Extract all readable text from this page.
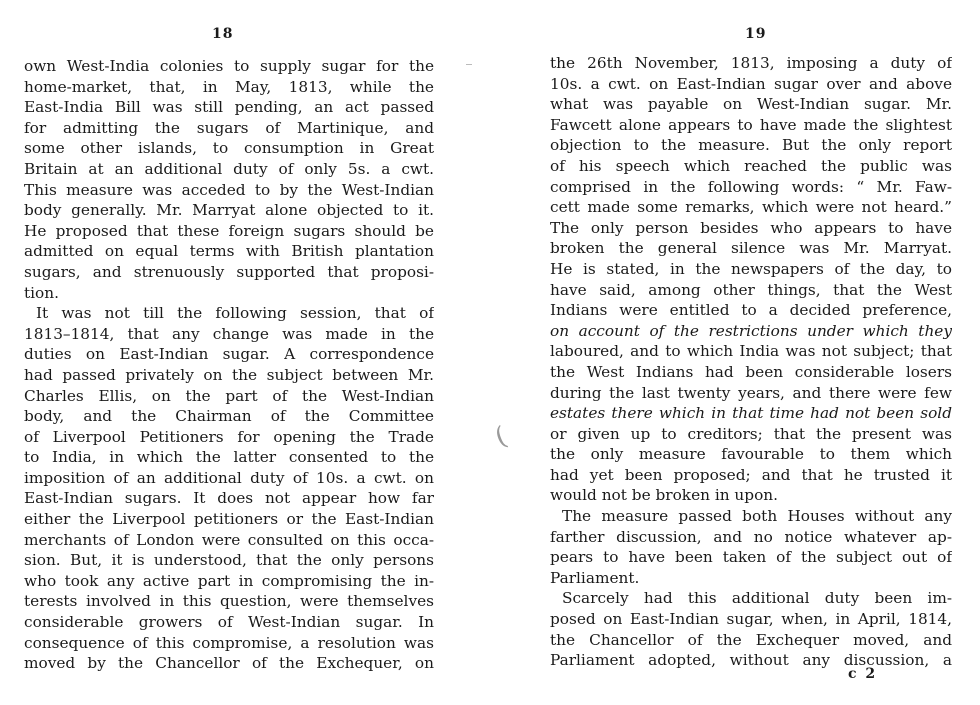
18
own West-India colonies to supply sugar for the
home-market, that, in May, 1813, while the
East-India Bill was still pending, an act passed
for admitting the sugars of Martinique, and
some other islands, to consumption in Great
Britain at an additional duty of only 5s. a cwt.
This measure was acceded to by the West-Indian
body generally. Mr. Marryat alone objected to it.
He proposed that these foreign sugars should be
admitted on equal terms with British plantation
sugars, and strenuously supported that proposi-
tion.
It was not till the following session, that of
1813–1814, that any change was made in the
duties on East-Indian sugar. A correspondence
had passed privately on the subject between Mr.
Charles Ellis, on the part of the West-Indian
body, and the Chairman of the Committee
of Liverpool Petitioners for opening the Trade
to India, in which the latter consented to the
imposition of an additional duty of 10s. a cwt. on
East-Indian sugars. It does not appear how far
either the Liverpool petitioners or the East-Indian
merchants of London were consulted on this occa-
sion. But, it is understood, that the only persons
who took any active part in compromising the in-
terests involved in this question, were themselves
considerable growers of West-Indian sugar. In
consequence of this compromise, a resolution was
moved by the Chancellor of the Exchequer, on
(
19
the 26th November, 1813, imposing a duty of
10s. a cwt. on East-Indian sugar over and above
what was payable on West-Indian sugar. Mr.
Fawcett alone appears to have made the slightest
objection to the measure. But the only report
of his speech which reached the public was
comprised in the following words: “ Mr. Faw-
cett made some remarks, which were not heard.”
The only person besides who appears to have
broken the general silence was Mr. Marryat.
He is stated, in the newspapers of the day, to
have said, among other things, that the West
Indians were entitled to a decided preference,
on account of the restrictions under which they
laboured, and to which India was not subject; that
the West Indians had been considerable losers
during the last twenty years, and there were few
estates there which in that time had not been sold
or given up to creditors; that the present was
the only measure favourable to them which
had yet been proposed; and that he trusted it
would not be broken in upon.
The measure passed both Houses without any
farther discussion, and no notice whatever ap-
pears to have been taken of the subject out of
Parliament.
Scarcely had this additional duty been im-
posed on East-Indian sugar, when, in April, 1814,
the Chancellor of the Exchequer moved, and
Parliament adopted, without any discussion, a
c 2
